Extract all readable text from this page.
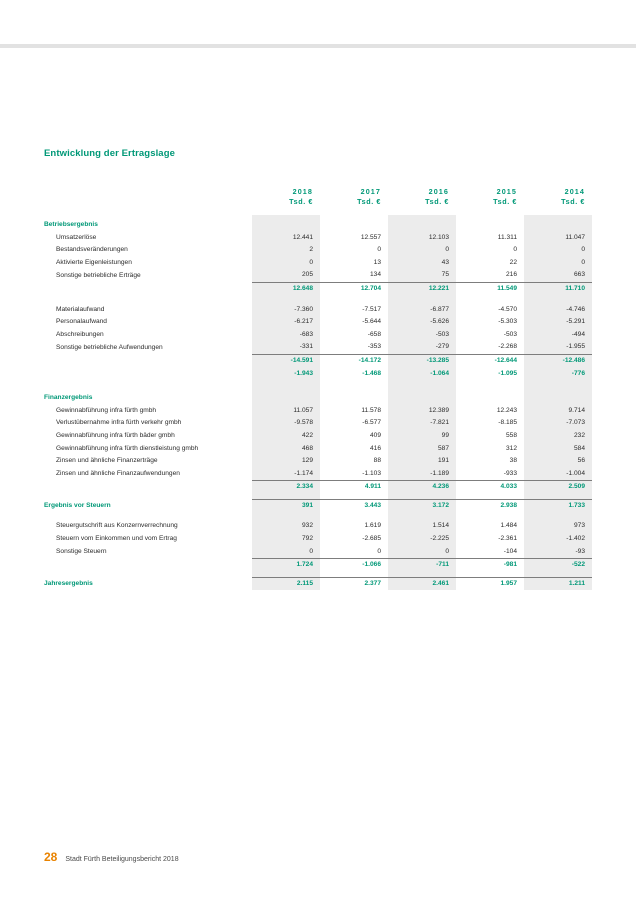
Entwicklung der Ertragslage
	2018	2017	2016	2015	2014
	Tsd. €	Tsd. €	Tsd. €	Tsd. €	Tsd. €
Betriebsergebnis					
Umsatzerlöse	12.441	12.557	12.103	11.311	11.047
Bestandsveränderungen	2	0	0	0	0
Aktivierte Eigenleistungen	0	13	43	22	0
Sonstige betriebliche Erträge	205	134	75	216	663
	12.648	12.704	12.221	11.549	11.710

Materialaufwand	-7.360	-7.517	-6.877	-4.570	-4.746
Personalaufwand	-6.217	-5.644	-5.626	-5.303	-5.291
Abschreibungen	-683	-658	-503	-503	-494
Sonstige betriebliche Aufwendungen	-331	-353	-279	-2.268	-1.955
	-14.591	-14.172	-13.285	-12.644	-12.486
	-1.943	-1.468	-1.064	-1.095	-776

Finanzergebnis					
Gewinnabführung infra fürth gmbh	11.057	11.578	12.389	12.243	9.714
Verlustübernahme infra fürth verkehr gmbh	-9.578	-6.577	-7.821	-8.185	-7.073
Gewinnabführung infra fürth bäder gmbh	422	409	99	558	232
Gewinnabführung infra fürth dienstleistung gmbh	468	416	587	312	584
Zinsen und ähnliche Finanzerträge	129	88	191	38	56
Zinsen und ähnliche Finanzaufwendungen	-1.174	-1.103	-1.189	-933	-1.004
	2.334	4.911	4.236	4.033	2.509

Ergebnis vor Steuern	391	3.443	3.172	2.938	1.733

Steuergutschrift aus Konzernverrechnung	932	1.619	1.514	1.484	973
Steuern vom Einkommen und vom Ertrag	792	-2.685	-2.225	-2.361	-1.402
Sonstige Steuern	0	0	0	-104	-93
	1.724	-1.066	-711	-981	-522

Jahresergebnis	2.115	2.377	2.461	1.957	1.211
28 Stadt Fürth Beteiligungsbericht 2018
